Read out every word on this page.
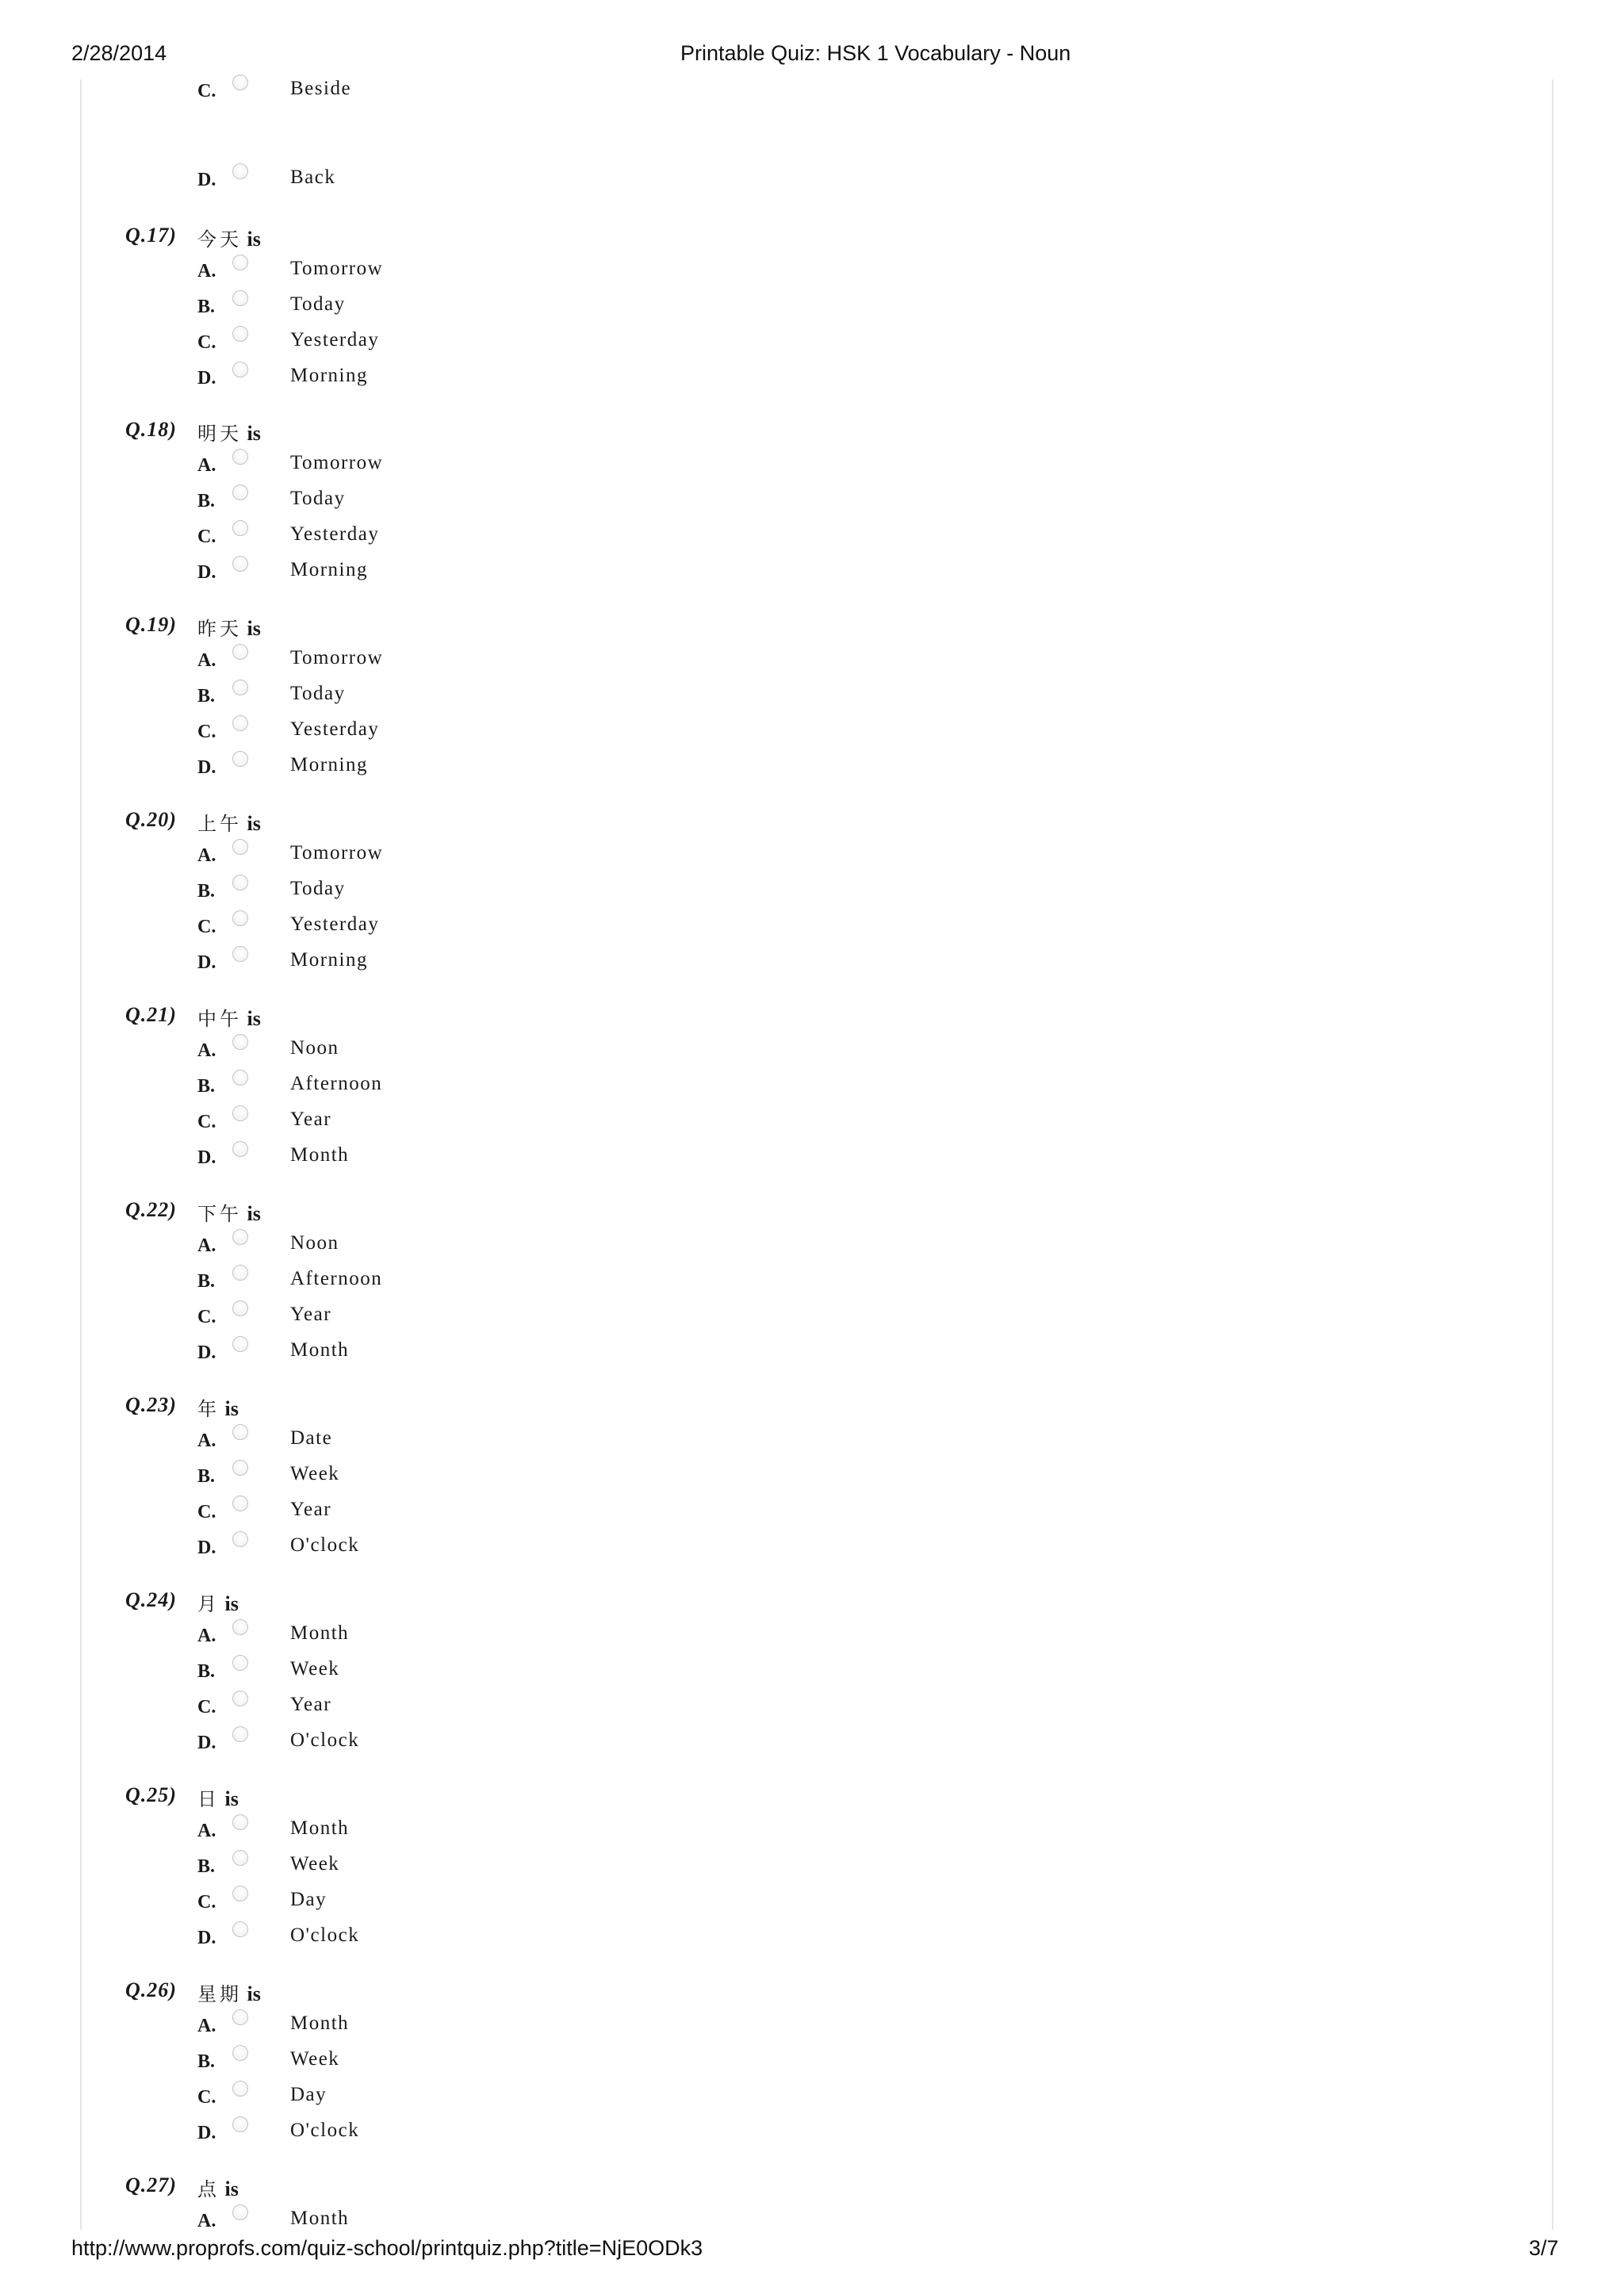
2/28/2014	Printable Quiz: HSK 1 Vocabulary - Noun
C.	Beside
D.	Back
Q.17) 今天 is
A.	Tomorrow
B.	Today
C.	Yesterday
D.	Morning
Q.18) 明天 is
A.	Tomorrow
B.	Today
C.	Yesterday
D.	Morning
Q.19) 昨天 is
A.	Tomorrow
B.	Today
C.	Yesterday
D.	Morning
Q.20) 上午 is
A.	Tomorrow
B.	Today
C.	Yesterday
D.	Morning
Q.21) 中午 is
A.	Noon
B.	Afternoon
C.	Year
D.	Month
Q.22) 下午 is
A.	Noon
B.	Afternoon
C.	Year
D.	Month
Q.23) 年 is
A.	Date
B.	Week
C.	Year
D.	O'clock
Q.24) 月 is
A.	Month
B.	Week
C.	Year
D.	O'clock
Q.25) 日 is
A.	Month
B.	Week
C.	Day
D.	O'clock
Q.26) 星期 is
A.	Month
B.	Week
C.	Day
D.	O'clock
Q.27) 点 is
A.	Month
http://www.proprofs.com/quiz-school/printquiz.php?title=NjE0ODk3	3/7
